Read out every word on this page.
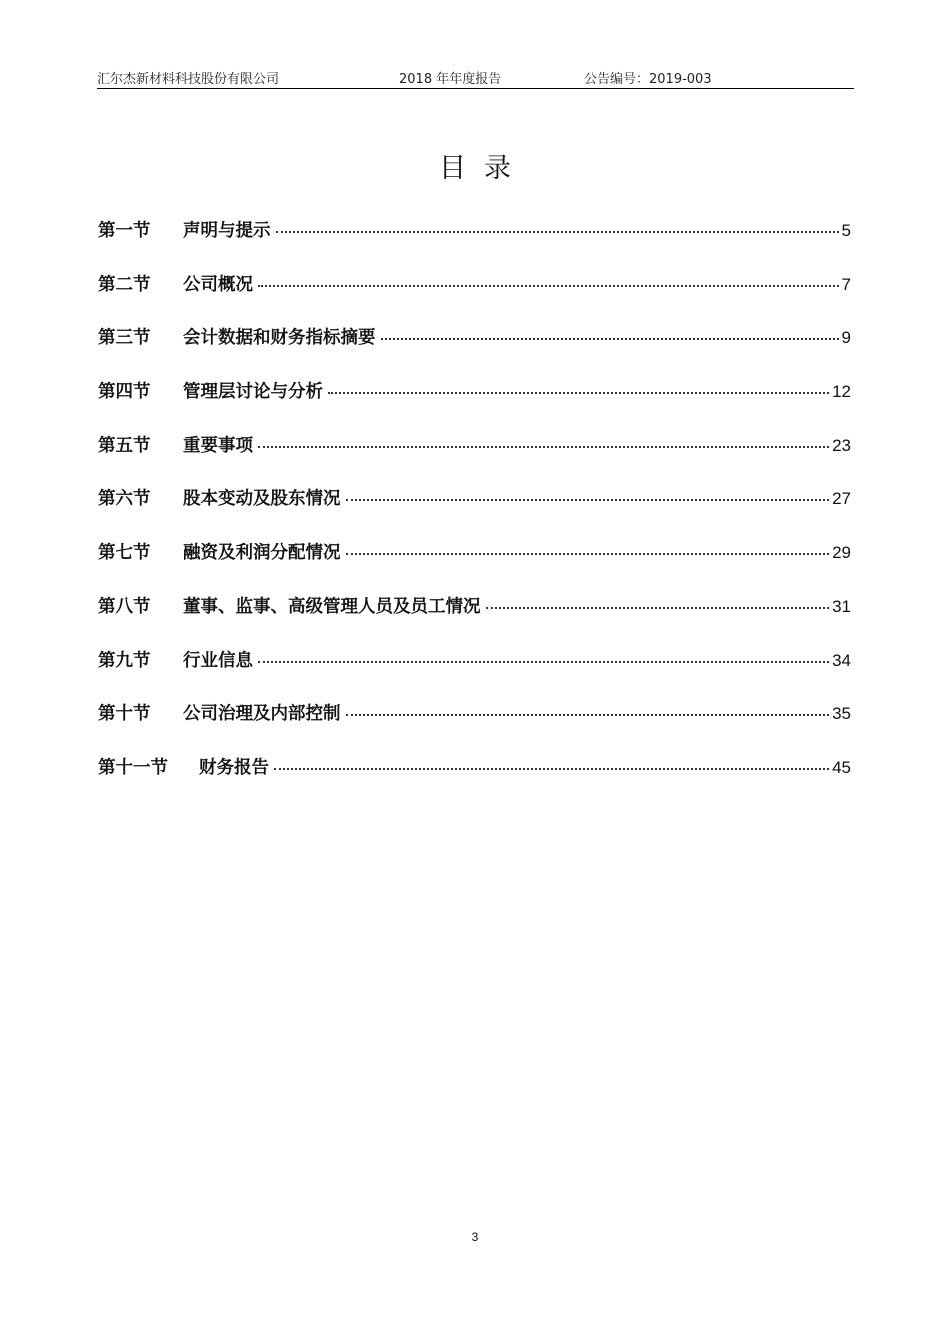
汇尔杰新材料科技股份有限公司	2018 年年度报告	公告编号：2019-003
目录
第一节	声明与提示	5
第二节	公司概况	7
第三节	会计数据和财务指标摘要	9
第四节	管理层讨论与分析	12
第五节	重要事项	23
第六节	股本变动及股东情况	27
第七节	融资及利润分配情况	29
第八节	董事、监事、高级管理人员及员工情况	31
第九节	行业信息	34
第十节	公司治理及内部控制	35
第十一节	财务报告	45
3
